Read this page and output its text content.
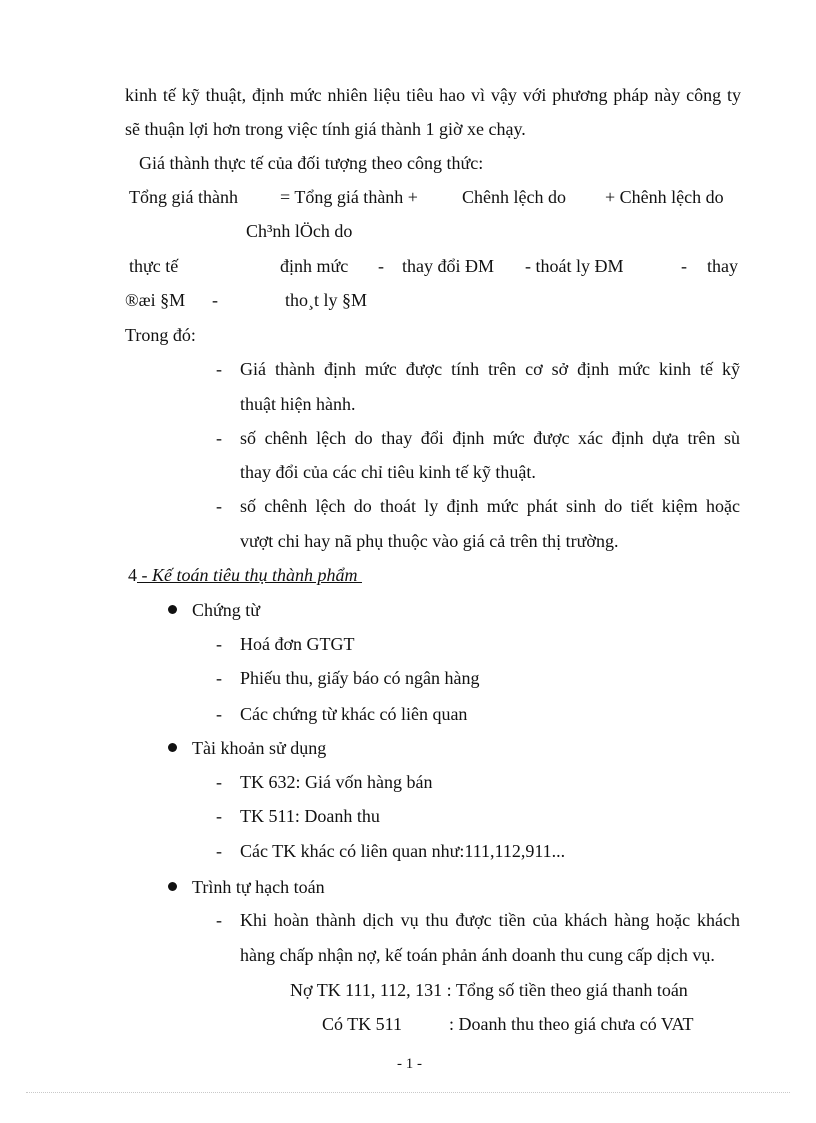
kinh tế kỹ thuật, định mức nhiên liệu tiêu hao vì vậy với phương pháp này công ty
sẽ thuận lợi hơn trong việc tính giá thành 1 giờ xe chạy.
Giá thành thực tế của đối tượng theo công thức:
Tổng giá thành = Tổng giá thành + Chênh lệch do + Chênh lệch do
Ch³nh lÖch do
thực tế	định mức - thay đổi ĐM - thoát ly ĐM	- thay
®æi §M -	tho¸t ly §M
Trong đó:
- Giá thành định mức được tính trên cơ sở định mức kinh tế kỹ
thuật hiện hành.
- số chênh lệch do thay đổi định mức được xác định dựa trên sù
thay đổi của các chỉ tiêu kinh tế kỹ thuật.
- số chênh lệch do thoát ly định mức phát sinh do tiết kiệm hoặc
vượt chi hay nã phụ thuộc vào giá cả trên thị trường.
4 - Kế toán tiêu thụ thành phẩm
Chứng từ
- Hoá đơn GTGT
- Phiếu thu, giấy báo có ngân hàng
- Các chứng từ khác có liên quan
Tài khoản sử dụng
- TK 632: Giá vốn hàng bán
- TK 511: Doanh thu
- Các TK khác có liên quan như:111,112,911...
Trình tự hạch toán
- Khi hoàn thành dịch vụ thu được tiền của khách hàng hoặc khách
hàng chấp nhận nợ, kế toán phản ánh doanh thu cung cấp dịch vụ.
Nợ TK 111, 112, 131 : Tổng số tiền theo giá thanh toán
Có TK 511	: Doanh thu theo giá chưa có VAT
- 1 -
